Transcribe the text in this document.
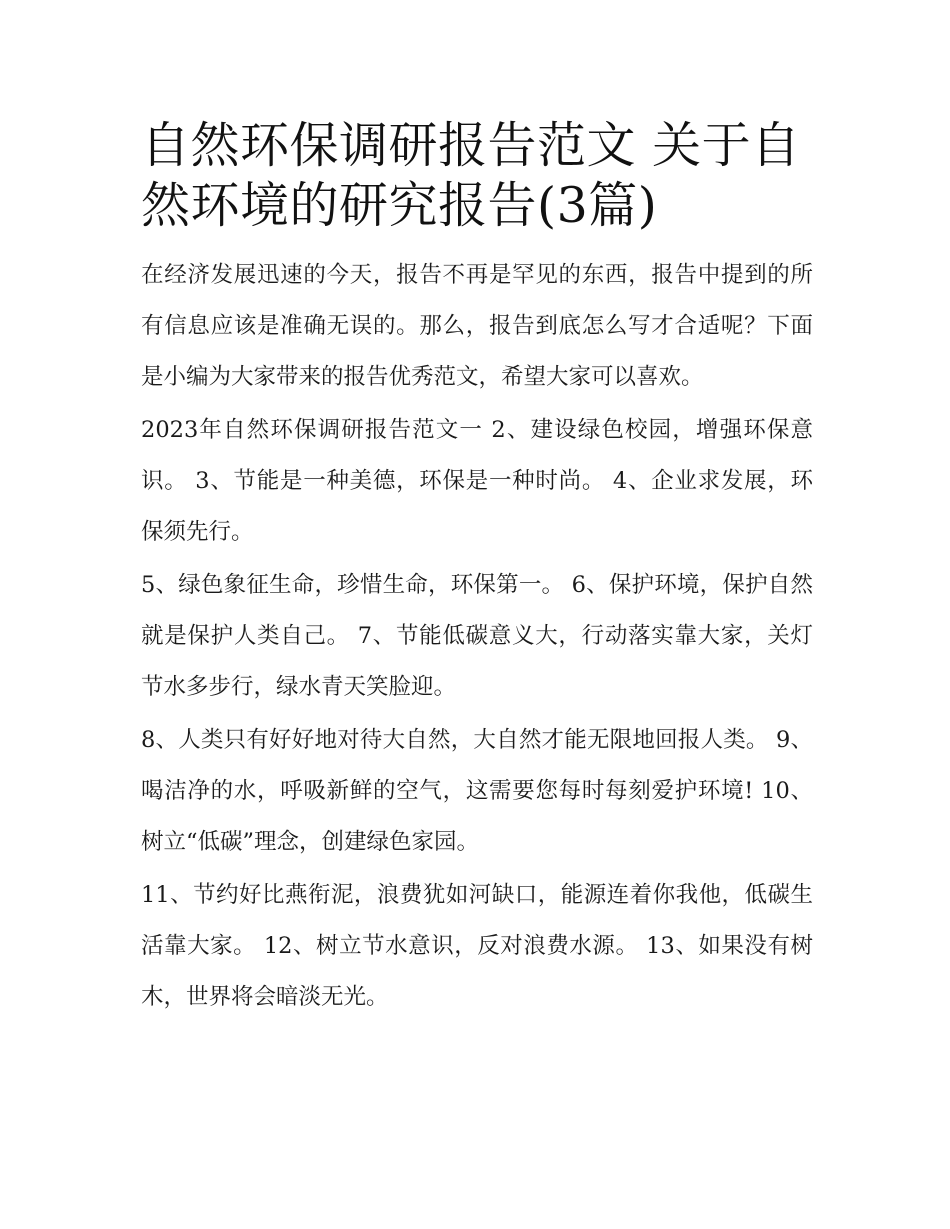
自然环保调研报告范文 关于自然环境的研究报告(3篇)

在经济发展迅速的今天，报告不再是罕见的东西，报告中提到的所有信息应该是准确无误的。那么，报告到底怎么写才合适呢？下面是小编为大家带来的报告优秀范文，希望大家可以喜欢。

2023年自然环保调研报告范文一 2、建设绿色校园，增强环保意识。 3、节能是一种美德，环保是一种时尚。 4、企业求发展，环保须先行。

5、绿色象征生命，珍惜生命，环保第一。 6、保护环境，保护自然就是保护人类自己。 7、节能低碳意义大，行动落实靠大家，关灯节水多步行，绿水青天笑脸迎。

8、人类只有好好地对待大自然，大自然才能无限地回报人类。 9、喝洁净的水，呼吸新鲜的空气，这需要您每时每刻爱护环境! 10、树立“低碳”理念，创建绿色家园。

11、节约好比燕衔泥，浪费犹如河缺口，能源连着你我他，低碳生活靠大家。 12、树立节水意识，反对浪费水源。 13、如果没有树木，世界将会暗淡无光。
